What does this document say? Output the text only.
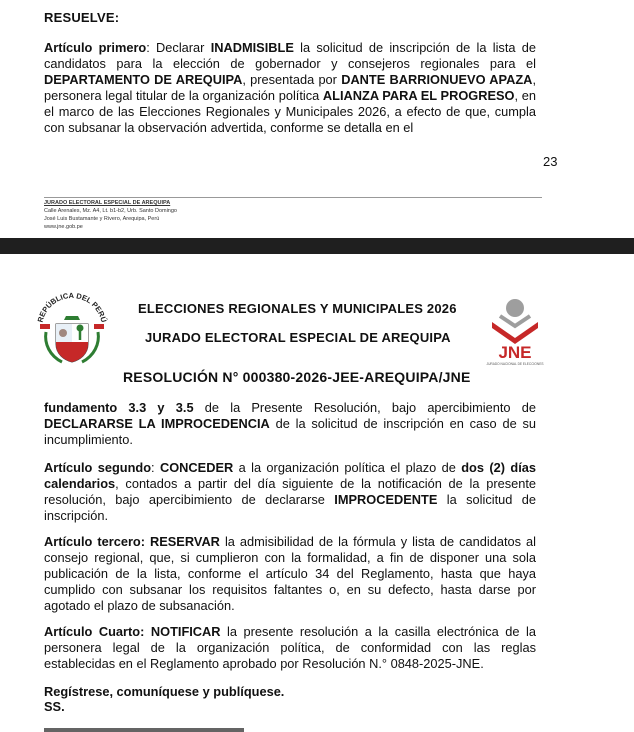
RESUELVE:

Artículo primero: Declarar INADMISIBLE la solicitud de inscripción de la lista de candidatos para la elección de gobernador y consejeros regionales para el DEPARTAMENTO DE AREQUIPA, presentada por DANTE BARRIONUEVO APAZA, personera legal titular de la organización política ALIANZA PARA EL PROGRESO, en el marco de las Elecciones Regionales y Municipales 2026, a efecto de que, cumpla con subsanar la observación advertida, conforme se detalla en el

23
JURADO ELECTORAL ESPECIAL DE AREQUIPA
Calle Arenales, Mz. A4, Lt. b1-b2, Urb. Santo Domingo
José Luis Bustamante y Rivero, Arequipa, Perú
www.jne.gob.pe
REPÚBLICA DEL PERÚ
ELECCIONES REGIONALES Y MUNICIPALES 2026
JURADO ELECTORAL ESPECIAL DE AREQUIPA
JNE
JURADO NACIONAL DE ELECCIONES
RESOLUCIÓN N° 000380-2026-JEE-AREQUIPA/JNE

fundamento 3.3 y 3.5 de la Presente Resolución, bajo apercibimiento de DECLARARSE LA IMPROCEDENCIA de la solicitud de inscripción en caso de su incumplimiento.

Artículo segundo: CONCEDER a la organización política el plazo de dos (2) días calendarios, contados a partir del día siguiente de la notificación de la presente resolución, bajo apercibimiento de declararse IMPROCEDENTE la solicitud de inscripción.

Artículo tercero: RESERVAR la admisibilidad de la fórmula y lista de candidatos al consejo regional, que, si cumplieron con la formalidad, a fin de disponer una sola publicación de la lista, conforme el artículo 34 del Reglamento, hasta que haya cumplido con subsanar los requisitos faltantes o, en su defecto, hasta darse por agotado el plazo de subsanación.

Artículo Cuarto: NOTIFICAR la presente resolución a la casilla electrónica de la personera legal de la organización política, de conformidad con las reglas establecidas en el Reglamento aprobado por Resolución N.° 0848-2025-JNE.

Regístrese, comuníquese y publíquese.
SS.
